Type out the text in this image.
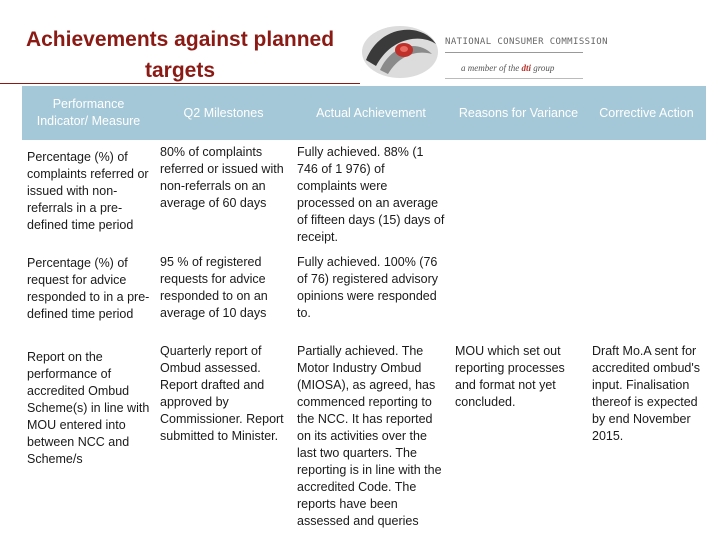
Achievements against planned targets
NATIONAL CONSUMER COMMISSION
a member of the dti group
Performance Indicator/ Measure	Q2 Milestones	Actual Achievement	Reasons for Variance	Corrective Action
Percentage (%) of complaints referred or issued with non-referrals in a pre-defined time period	80% of complaints referred or issued with non-referrals on an average of 60 days	Fully achieved. 88% (1 746 of 1 976) of complaints were processed on an average of fifteen days (15) days of receipt.		
Percentage (%) of request for advice responded to in a pre-defined time period	95 % of registered requests for advice responded to on an average of 10 days	Fully achieved. 100% (76 of 76) registered advisory opinions were responded to.		
Report on the performance of accredited Ombud Scheme(s) in line with MOU entered into between NCC and Scheme/s	Quarterly report of Ombud assessed. Report drafted and approved by Commissioner. Report submitted to Minister.	Partially achieved. The Motor Industry Ombud (MIOSA), as agreed, has commenced reporting to the NCC. It has reported on its activities over the last two quarters. The reporting is in line with the accredited Code. The reports have been assessed and queries	MOU which set out reporting processes and format not yet concluded.	Draft Mo.A sent for accredited ombud's input. Finalisation thereof is expected by end November 2015.
